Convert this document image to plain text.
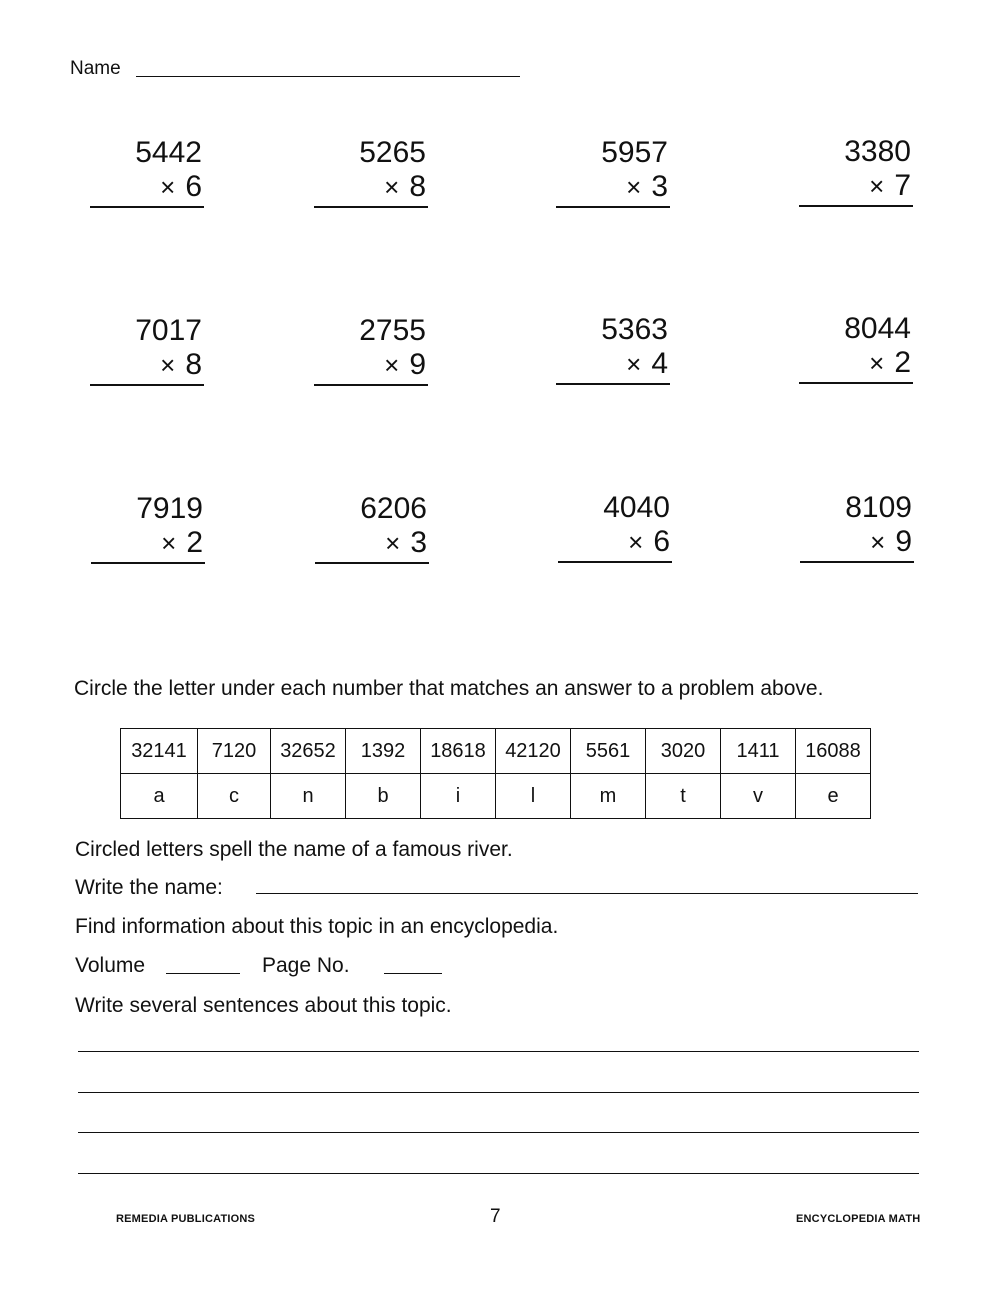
Name
5442
× 6
5265
× 8
5957
× 3
3380
× 7
7017
× 8
2755
× 9
5363
× 4
8044
× 2
7919
× 2
6206
× 3
4040
× 6
8109
× 9
Circle the letter under each number that matches an answer to a problem above.
32141	7120	32652	1392	18618	42120	5561	3020	1411	16088
a	c	n	b	i	l	m	t	v	e
Circled letters spell the name of a famous river.
Write the name:
Find information about this topic in an encyclopedia.
Volume	Page No.
Write several sentences about this topic.
REMEDIA PUBLICATIONS	7	ENCYCLOPEDIA MATH
